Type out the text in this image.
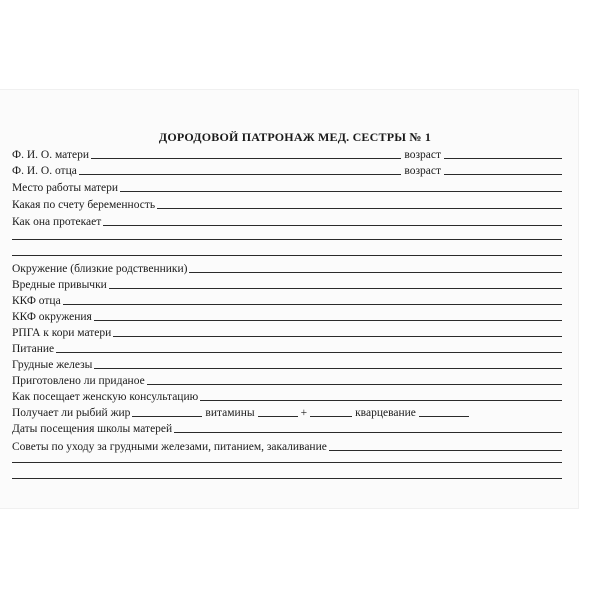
ДОРОДОВОЙ ПАТРОНАЖ МЕД. СЕСТРЫ № 1
Ф. И. О. матери	возраст
Ф. И. О. отца	возраст
Место работы матери
Какая по счету беременность
Как она протекает
Окружение (близкие родственники)
Вредные привычки
ККФ отца
ККФ окружения
РПГА к кори матери
Питание
Грудные железы
Приготовлено ли приданое
Как посещает женскую консультацию
Получает ли рыбий жир	витамины	+	кварцевание
Даты посещения школы матерей
Советы по уходу за грудными железами, питанием, закаливание
